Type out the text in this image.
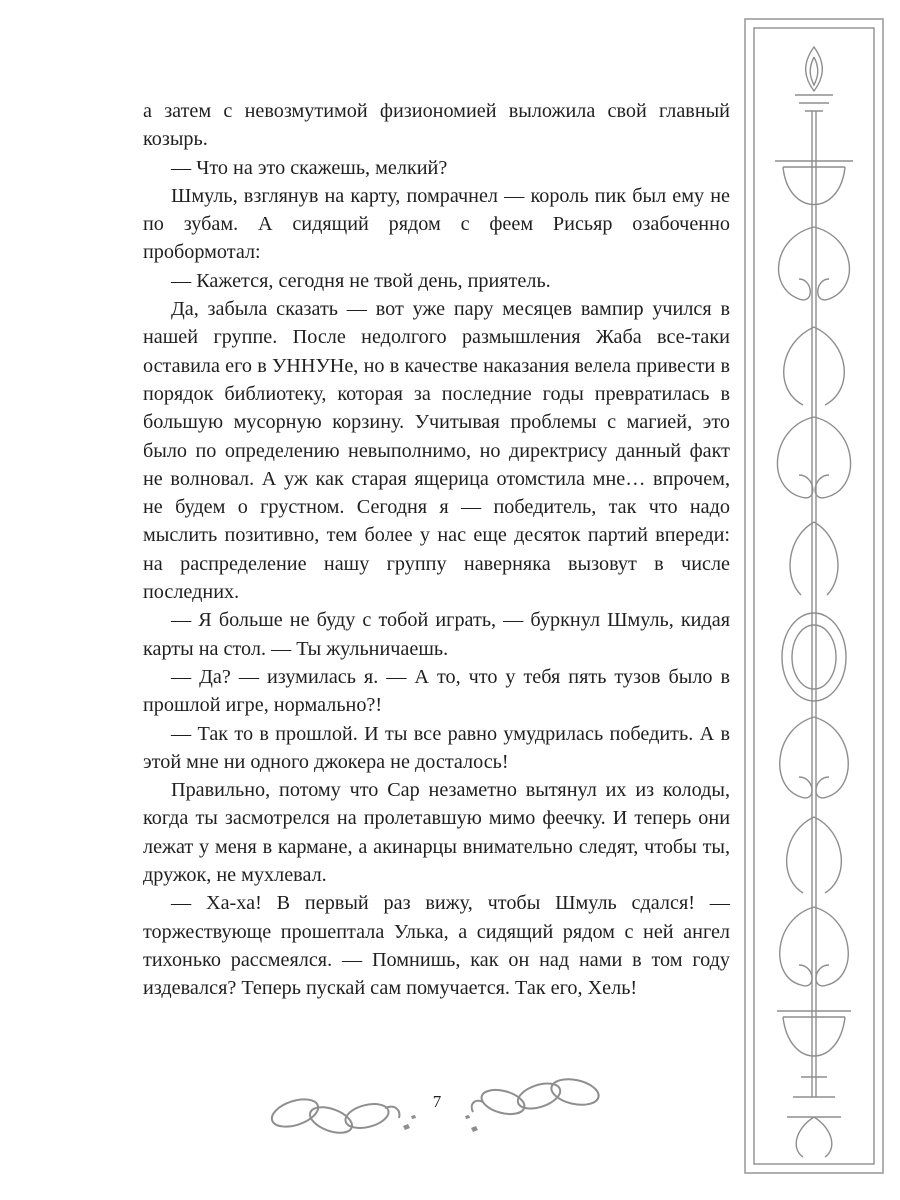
а затем с невозмутимой физиономией выложила свой главный козырь.

— Что на это скажешь, мелкий?

Шмуль, взглянув на карту, помрачнел — король пик был ему не по зубам. А сидящий рядом с феем Рисьяр озабоченно пробормотал:

— Кажется, сегодня не твой день, приятель.

Да, забыла сказать — вот уже пару месяцев вампир учился в нашей группе. После недолгого размышления Жаба все-таки оставила его в УННУНе, но в качестве наказания велела привести в порядок библиотеку, которая за последние годы превратилась в большую мусорную корзину. Учитывая проблемы с магией, это было по определению невыполнимо, но директрису данный факт не волновал. А уж как старая ящерица отомстила мне… впрочем, не будем о грустном. Сегодня я — победитель, так что надо мыслить позитивно, тем более у нас еще десяток партий впереди: на распределение нашу группу наверняка вызовут в числе последних.

— Я больше не буду с тобой играть, — буркнул Шмуль, кидая карты на стол. — Ты жульничаешь.

— Да? — изумилась я. — А то, что у тебя пять тузов было в прошлой игре, нормально?!

— Так то в прошлой. И ты все равно умудрилась победить. А в этой мне ни одного джокера не досталось!

Правильно, потому что Сар незаметно вытянул их из колоды, когда ты засмотрелся на пролетавшую мимо феечку. И теперь они лежат у меня в кармане, а акинарцы внимательно следят, чтобы ты, дружок, не мухлевал.

— Ха-ха! В первый раз вижу, чтобы Шмуль сдался! — торжествующе прошептала Улька, а сидящий рядом с ней ангел тихонько рассмеялся. — Помнишь, как он над нами в том году издевался? Теперь пускай сам помучается. Так его, Хель!

7
